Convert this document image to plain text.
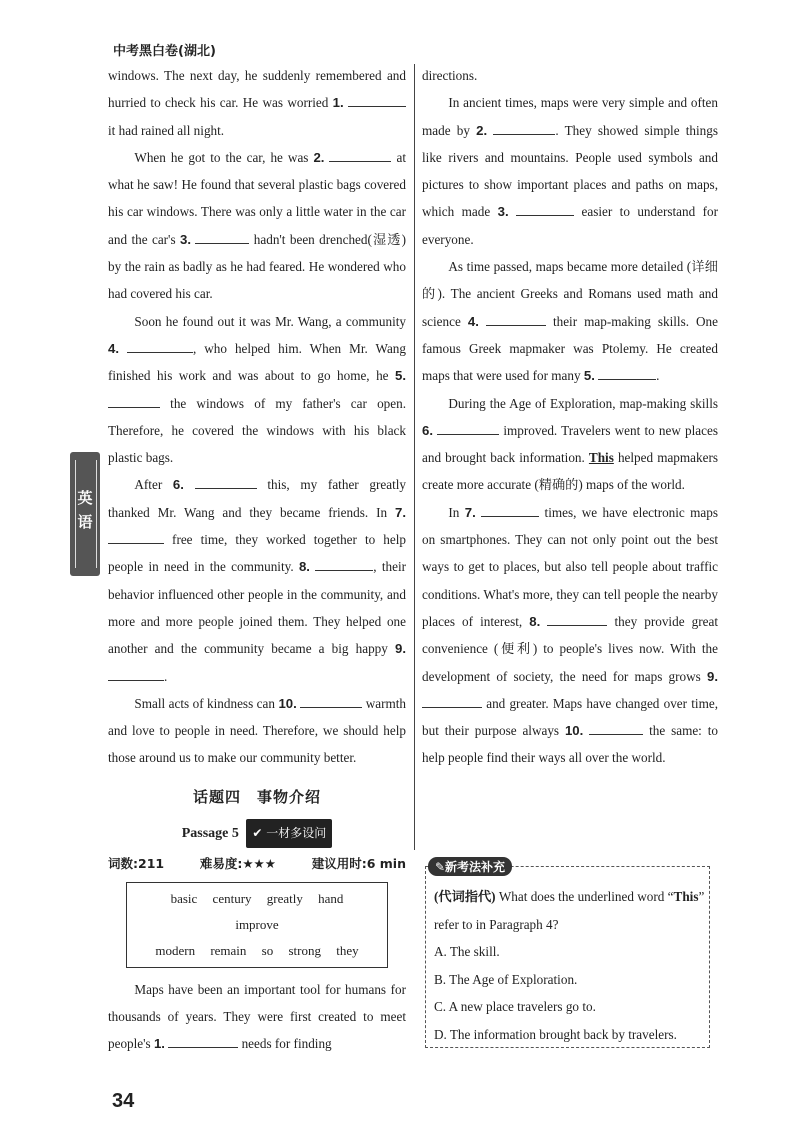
中考黑白卷(湖北)
英语

windows. The next day, he suddenly remembered and hurried to check his car. He was worried 1.  it had rained all night.

When he got to the car, he was 2.	at what he saw! He found that several plastic bags covered his car windows. There was only a little water in the car and the car's 3.	hadn't been drenched(湿透) by the rain as badly as he had feared. He wondered who had covered his car.

Soon he found out it was Mr. Wang, a community 4.	, who helped him. When Mr. Wang finished his work and was about to go home, he 5.  the windows of my father's car open. Therefore, he covered the windows with his black plastic bags.

After 6.	this, my father greatly thanked Mr. Wang and they became friends. In 7.  free time, they worked together to help people in need in the community. 8.	, their behavior influenced other people in the community, and more and more people joined them. They helped one another and the community became a big happy 9. .

Small acts of kindness can 10.	warmth and love to people in need. Therefore, we should help those around us to make our community better.

话题四　事物介绍
Passage 5 ✔ 一材多设问
词数:211	难易度:★★★	建议用时:6 min
basic century greatly hand improve
modern remain so strong they

Maps have been an important tool for humans for thousands of years. They were first created to meet people's 1.	needs for finding

directions.

In ancient times, maps were very simple and often made by 2.	. They showed simple things like rivers and mountains. People used symbols and pictures to show important places and paths on maps, which made 3.	easier to understand for everyone.

As time passed, maps became more detailed (详细的). The ancient Greeks and Romans used math and science 4.	their map-making skills. One famous Greek mapmaker was Ptolemy. He created maps that were used for many 5.	.

During the Age of Exploration, map-making skills 6.	improved. Travelers went to new places and brought back information. This helped mapmakers create more accurate (精确的) maps of the world.

In 7.	times, we have electronic maps on smartphones. They can not only point out the best ways to get to places, but also tell people about traffic conditions. What's more, they can tell people the nearby places of interest, 8.	they provide great convenience (便利) to people's lives now. With the development of society, the need for maps grows 9.  and greater. Maps have changed over time, but their purpose always 10.	the same: to help people find their ways all over the world.

✎新考法补充
(代词指代) What does the underlined word “This” refer to in Paragraph 4?
A. The skill.
B. The Age of Exploration.
C. A new place travelers go to.
D. The information brought back by travelers.
34
